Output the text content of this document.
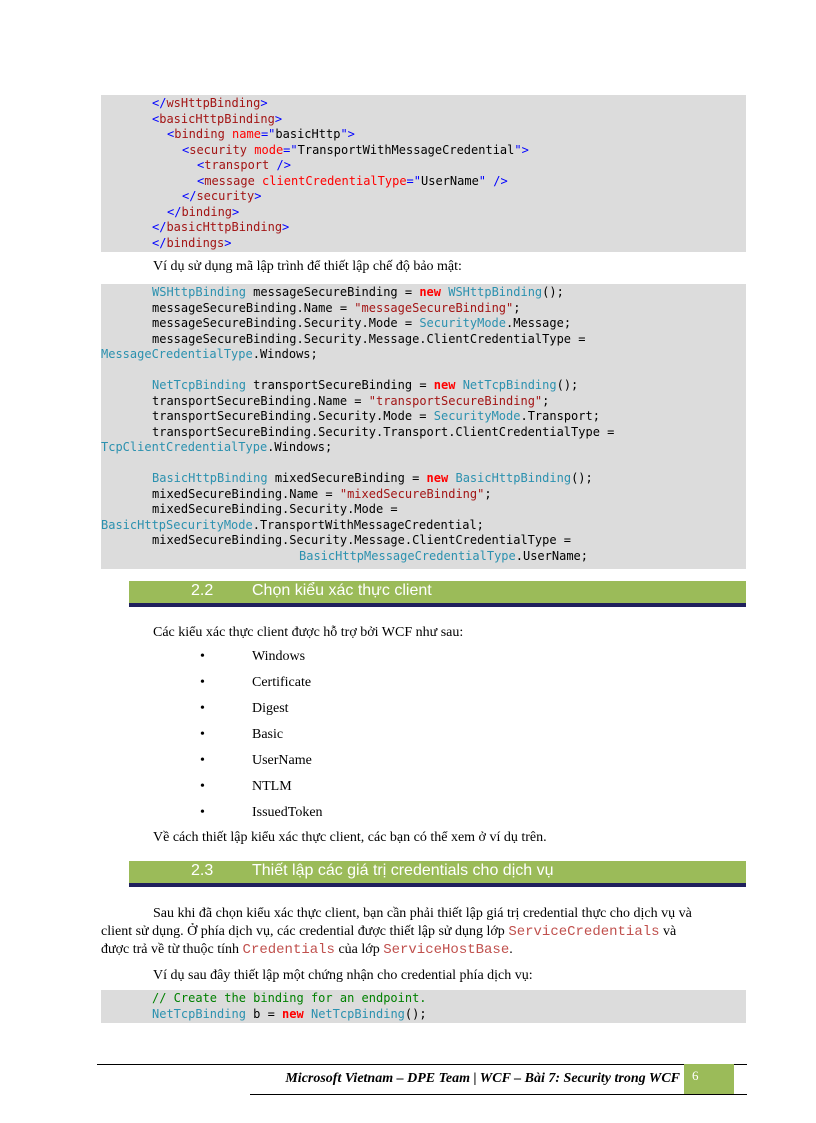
</wsHttpBinding>
<basicHttpBinding>
<binding name="basicHttp">
<security mode="TransportWithMessageCredential">
<transport />
<message clientCredentialType="UserName" />
</security>
</binding>
</basicHttpBinding>
</bindings>
Ví dụ sử dụng mã lập trình để thiết lập chế độ bảo mật:
WSHttpBinding messageSecureBinding = new WSHttpBinding();
messageSecureBinding.Name = "messageSecureBinding";
messageSecureBinding.Security.Mode = SecurityMode.Message;
messageSecureBinding.Security.Message.ClientCredentialType =
MessageCredentialType.Windows;

NetTcpBinding transportSecureBinding = new NetTcpBinding();
transportSecureBinding.Name = "transportSecureBinding";
transportSecureBinding.Security.Mode = SecurityMode.Transport;
transportSecureBinding.Security.Transport.ClientCredentialType =
TcpClientCredentialType.Windows;

BasicHttpBinding mixedSecureBinding = new BasicHttpBinding();
mixedSecureBinding.Name = "mixedSecureBinding";
mixedSecureBinding.Security.Mode =
BasicHttpSecurityMode.TransportWithMessageCredential;
mixedSecureBinding.Security.Message.ClientCredentialType =
BasicHttpMessageCredentialType.UserName;
2.2 Chọn kiểu xác thực client
Các kiểu xác thực client được hỗ trợ bởi WCF như sau:
•	Windows
•	Certificate
•	Digest
•	Basic
•	UserName
•	NTLM
•	IssuedToken
Về cách thiết lập kiểu xác thực client, các bạn có thể xem ở ví dụ trên.
2.3 Thiết lập các giá trị credentials cho dịch vụ
Sau khi đã chọn kiểu xác thực client, bạn cần phải thiết lập giá trị credential thực cho dịch vụ và
client sử dụng. Ở phía dịch vụ, các credential được thiết lập sử dụng lớp ServiceCredentials và
được trả về từ thuộc tính Credentials của lớp ServiceHostBase.
Ví dụ sau đây thiết lập một chứng nhận cho credential phía dịch vụ:
// Create the binding for an endpoint.
NetTcpBinding b = new NetTcpBinding();
Microsoft Vietnam – DPE Team | WCF – Bài 7: Security trong WCF 6
